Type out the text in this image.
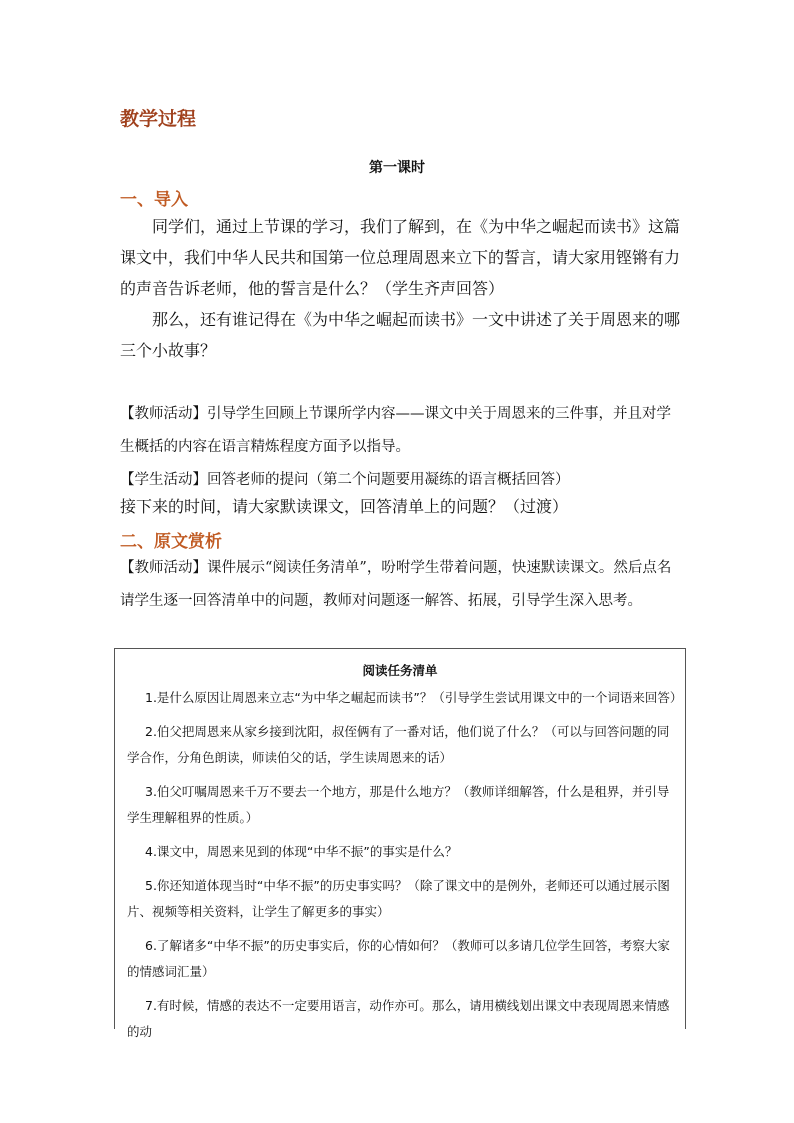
教学过程
第一课时
一、导入

同学们，通过上节课的学习，我们了解到，在《为中华之崛起而读书》这篇课文中，我们中华人民共和国第一位总理周恩来立下的誓言，请大家用铿锵有力的声音告诉老师，他的誓言是什么？（学生齐声回答）

那么，还有谁记得在《为中华之崛起而读书》一文中讲述了关于周恩来的哪三个小故事？

【教师活动】引导学生回顾上节课所学内容——课文中关于周恩来的三件事，并且对学生概括的内容在语言精炼程度方面予以指导。

【学生活动】回答老师的提问（第二个问题要用凝练的语言概括回答）

接下来的时间，请大家默读课文，回答清单上的问题？（过渡）

二、原文赏析

【教师活动】课件展示“阅读任务清单”，吩咐学生带着问题，快速默读课文。然后点名请学生逐一回答清单中的问题，教师对问题逐一解答、拓展，引导学生深入思考。

阅读任务清单
1.是什么原因让周恩来立志“为中华之崛起而读书”？（引导学生尝试用课文中的一个词语来回答）
2.伯父把周恩来从家乡接到沈阳，叔侄俩有了一番对话，他们说了什么？（可以与回答问题的同学合作，分角色朗读，师读伯父的话，学生读周恩来的话）
3.伯父叮嘱周恩来千万不要去一个地方，那是什么地方？（教师详细解答，什么是租界，并引导学生理解租界的性质。）
4.课文中，周恩来见到的体现“中华不振”的事实是什么？
5.你还知道体现当时“中华不振”的历史事实吗？（除了课文中的是例外，老师还可以通过展示图片、视频等相关资料，让学生了解更多的事实）
6.了解诸多“中华不振”的历史事实后，你的心情如何？（教师可以多请几位学生回答，考察大家的情感词汇量）
7.有时候，情感的表达不一定要用语言，动作亦可。那么，请用横线划出课文中表现周恩来情感的动
